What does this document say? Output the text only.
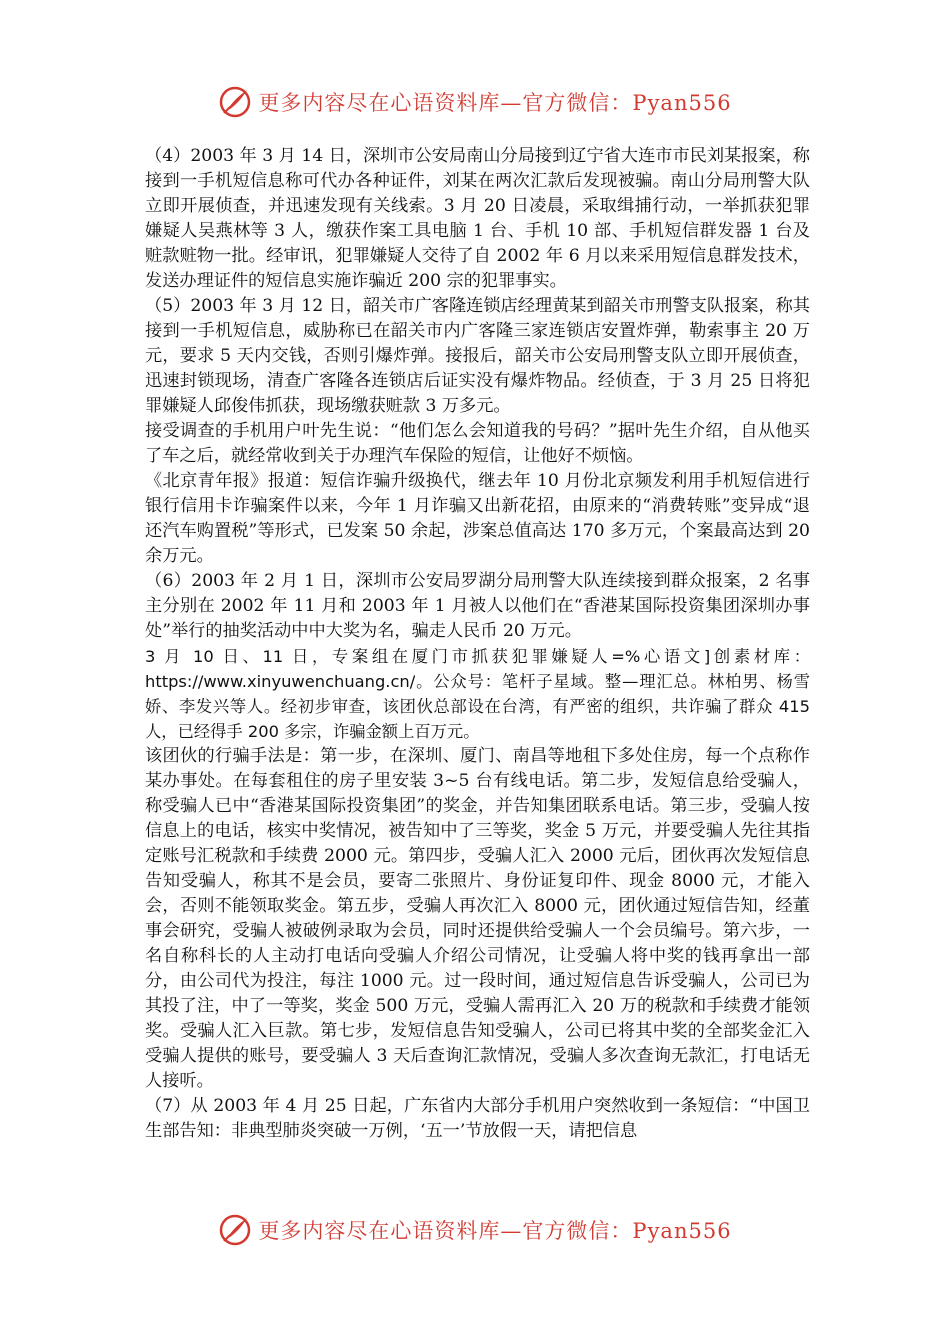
更多内容尽在心语资料库—官方微信：Pyan556

（4）2003 年 3 月 14 日，深圳市公安局南山分局接到辽宁省大连市市民刘某报案，称接到一手机短信息称可代办各种证件，刘某在两次汇款后发现被骗。南山分局刑警大队立即开展侦查，并迅速发现有关线索。3 月 20 日凌晨，采取缉捕行动，一举抓获犯罪嫌疑人吴燕林等 3 人，缴获作案工具电脑 1 台、手机 10 部、手机短信群发器 1 台及赃款赃物一批。经审讯，犯罪嫌疑人交待了自 2002 年 6 月以来采用短信息群发技术，发送办理证件的短信息实施诈骗近 200 宗的犯罪事实。

（5）2003 年 3 月 12 日，韶关市广客隆连锁店经理黄某到韶关市刑警支队报案，称其接到一手机短信息，威胁称已在韶关市内广客隆三家连锁店安置炸弹，勒索事主 20 万元，要求 5 天内交钱，否则引爆炸弹。接报后，韶关市公安局刑警支队立即开展侦查，迅速封锁现场，清查广客隆各连锁店后证实没有爆炸物品。经侦查，于 3 月 25 日将犯罪嫌疑人邱俊伟抓获，现场缴获赃款 3 万多元。

接受调查的手机用户叶先生说：“他们怎么会知道我的号码？”据叶先生介绍，自从他买了车之后，就经常收到关于办理汽车保险的短信，让他好不烦恼。

《北京青年报》报道：短信诈骗升级换代，继去年 10 月份北京频发利用手机短信进行银行信用卡诈骗案件以来，今年 1 月诈骗又出新花招，由原来的“消费转账”变异成“退还汽车购置税”等形式，已发案 50 余起，涉案总值高达 170 多万元，个案最高达到 20 余万元。

（6）2003 年 2 月 1 日，深圳市公安局罗湖分局刑警大队连续接到群众报案，2 名事主分别在 2002 年 11 月和 2003 年 1 月被人以他们在“香港某国际投资集团深圳办事处”举行的抽奖活动中中大奖为名，骗走人民币 20 万元。

3 月 10 日、11 日，专案组在厦门市抓获犯罪嫌疑人=%心语文]创素材库：https://www.xinyuwenchuang.cn/。公众号：笔杆子星域。整—理汇总。林柏男、杨雪娇、李发兴等人。经初步审查，该团伙总部设在台湾，有严密的组织，共诈骗了群众 415 人，已经得手 200 多宗，诈骗金额上百万元。

该团伙的行骗手法是：第一步，在深圳、厦门、南昌等地租下多处住房，每一个点称作某办事处。在每套租住的房子里安装 3~5 台有线电话。第二步，发短信息给受骗人，称受骗人已中“香港某国际投资集团”的奖金，并告知集团联系电话。第三步，受骗人按信息上的电话，核实中奖情况，被告知中了三等奖，奖金 5 万元，并要受骗人先往其指定账号汇税款和手续费 2000 元。第四步，受骗人汇入 2000 元后，团伙再次发短信息告知受骗人，称其不是会员，要寄二张照片、身份证复印件、现金 8000 元，才能入会，否则不能领取奖金。第五步，受骗人再次汇入 8000 元，团伙通过短信告知，经董事会研究，受骗人被破例录取为会员，同时还提供给受骗人一个会员编号。第六步，一名自称科长的人主动打电话向受骗人介绍公司情况，让受骗人将中奖的钱再拿出一部分，由公司代为投注，每注 1000 元。过一段时间，通过短信息告诉受骗人，公司已为其投了注，中了一等奖，奖金 500 万元，受骗人需再汇入 20 万的税款和手续费才能领奖。受骗人汇入巨款。第七步，发短信息告知受骗人，公司已将其中奖的全部奖金汇入受骗人提供的账号，要受骗人 3 天后查询汇款情况，受骗人多次查询无款汇，打电话无人接听。

（7）从 2003 年 4 月 25 日起，广东省内大部分手机用户突然收到一条短信：“中国卫生部告知：非典型肺炎突破一万例，‘五一’节放假一天，请把信息

更多内容尽在心语资料库—官方微信：Pyan556
